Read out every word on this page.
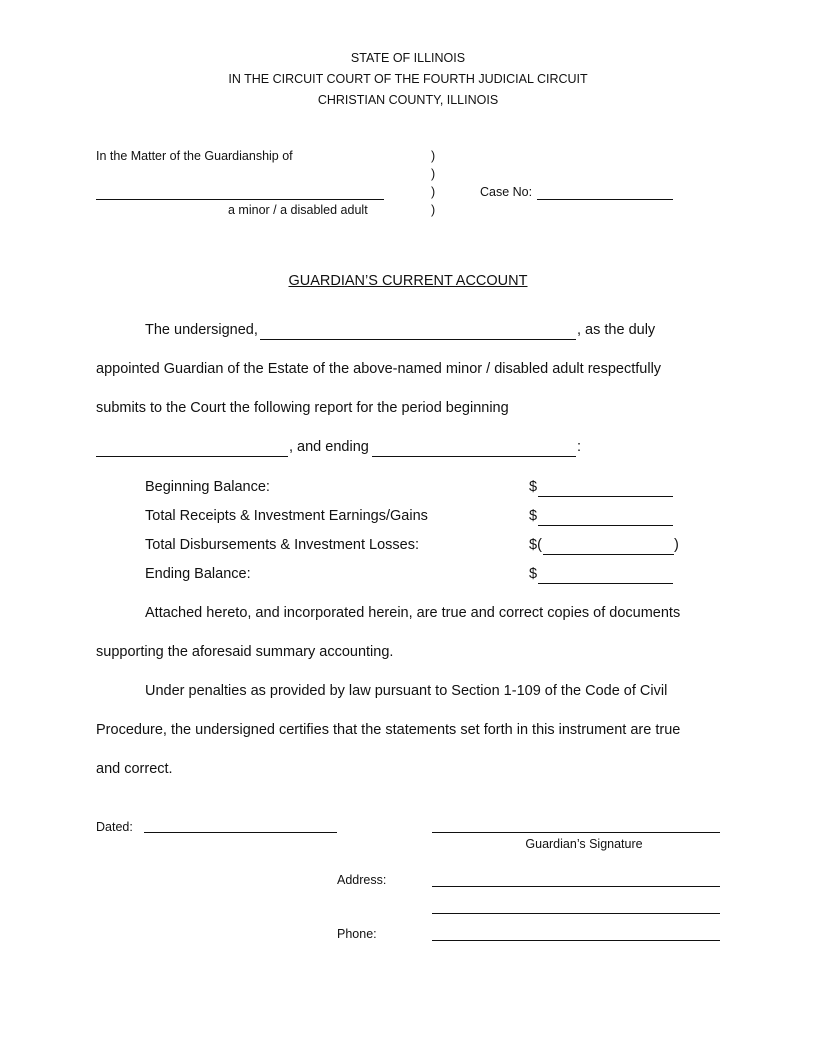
STATE OF ILLINOIS
IN THE CIRCUIT COURT OF THE FOURTH JUDICIAL CIRCUIT
CHRISTIAN COUNTY, ILLINOIS
In the Matter of the Guardianship of	)
)
)
)
a minor / a disabled adult
Case No:
GUARDIAN’S CURRENT ACCOUNT
The undersigned,	, as the duly
appointed Guardian of the Estate of the above-named minor / disabled adult respectfully
submits to the Court the following report for the period beginning
, and ending	:
Beginning Balance:	$
Total Receipts & Investment Earnings/Gains	$
Total Disbursements & Investment Losses:	$(	)
Ending Balance:	$
Attached hereto, and incorporated herein, are true and correct copies of documents
supporting the aforesaid summary accounting.
Under penalties as provided by law pursuant to Section 1-109 of the Code of Civil
Procedure, the undersigned certifies that the statements set forth in this instrument are true
and correct.
Dated:
Guardian’s Signature
Address:
Phone:
